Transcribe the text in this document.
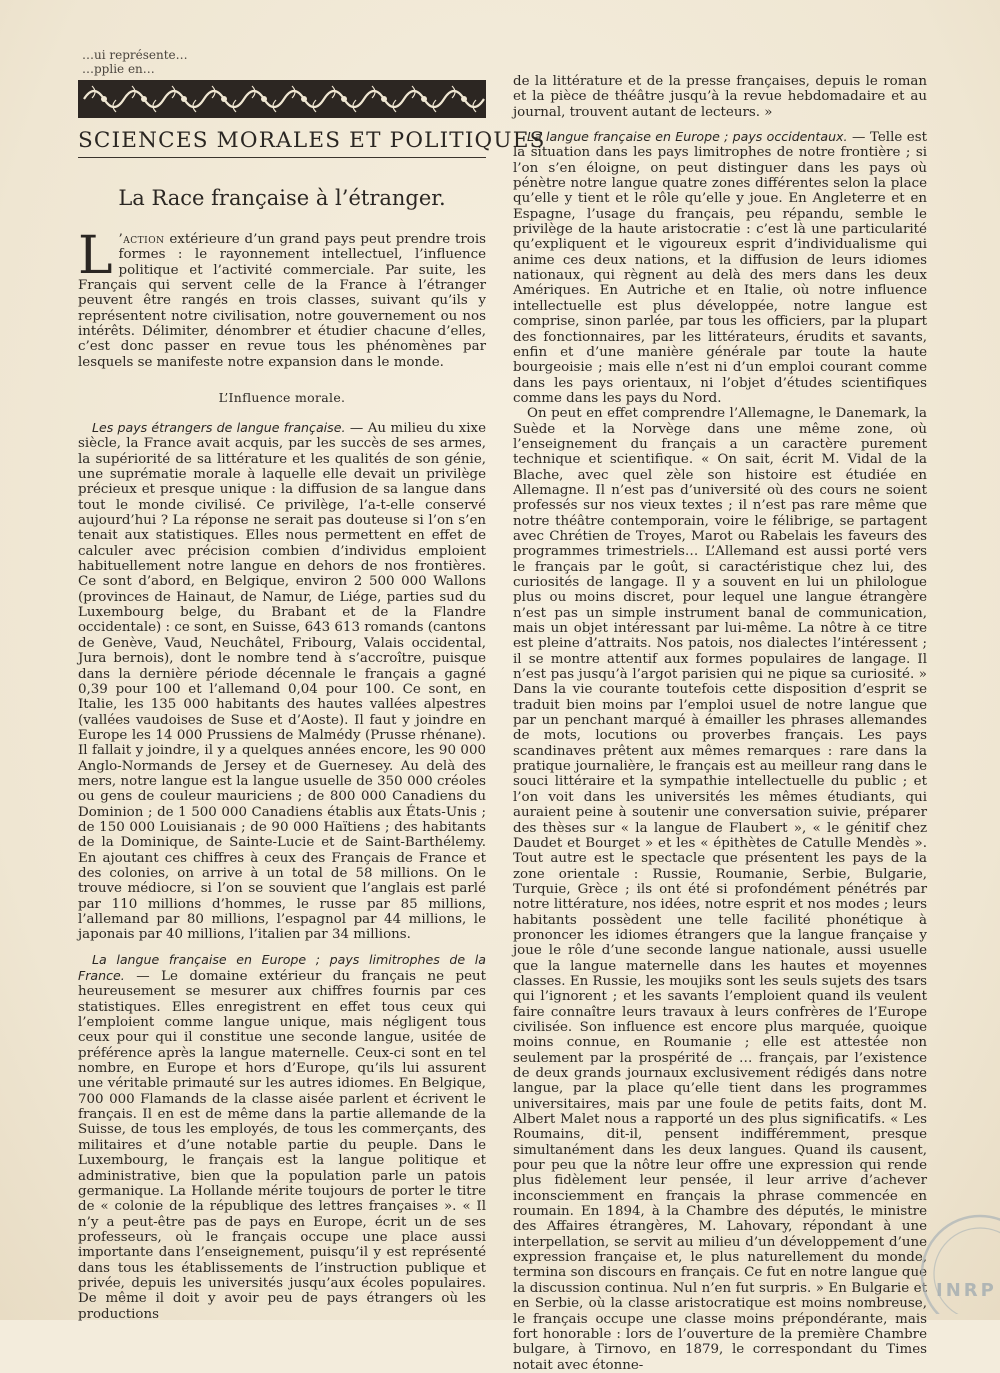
…ui représente…
…pplie en…
SCIENCES MORALES ET POLITIQUES
La Race française à l’étranger.
L ’action extérieure d’un grand pays peut prendre trois formes : le rayonnement intellectuel, l’influence politique et l’activité commerciale. Par suite, les Français qui servent celle de la France à l’étranger peuvent être rangés en trois classes, suivant qu’ils y représentent notre civilisation, notre gouvernement ou nos intérêts. Délimiter, dénombrer et étudier chacune d’elles, c’est donc passer en revue tous les phénomènes par lesquels se manifeste notre expansion dans le monde.
L’Influence morale.

Les pays étrangers de langue française. — Au milieu du xixe siècle, la France avait acquis, par les succès de ses armes, la supériorité de sa littérature et les qualités de son génie, une suprématie morale à laquelle elle devait un privilège précieux et presque unique : la diffusion de sa langue dans tout le monde civilisé. Ce privilège, l’a-t-elle conservé aujourd’hui ? La réponse ne serait pas douteuse si l’on s’en tenait aux statistiques. Elles nous permettent en effet de calculer avec précision combien d’individus emploient habituellement notre langue en dehors de nos frontières. Ce sont d’abord, en Belgique, environ 2 500 000 Wallons (provinces de Hainaut, de Namur, de Liége, parties sud du Luxembourg belge, du Brabant et de la Flandre occidentale) : ce sont, en Suisse, 643 613 romands (cantons de Genève, Vaud, Neuchâtel, Fribourg, Valais occidental, Jura bernois), dont le nombre tend à s’accroître, puisque dans la dernière période décennale le français a gagné 0,39 pour 100 et l’allemand 0,04 pour 100. Ce sont, en Italie, les 135 000 habitants des hautes vallées alpestres (vallées vaudoises de Suse et d’Aoste). Il faut y joindre en Europe les 14 000 Prussiens de Malmédy (Prusse rhénane). Il fallait y joindre, il y a quelques années encore, les 90 000 Anglo-Normands de Jersey et de Guernesey. Au delà des mers, notre langue est la langue usuelle de 350 000 créoles ou gens de couleur mauriciens ; de 800 000 Canadiens du Dominion ; de 1 500 000 Canadiens établis aux États-Unis ; de 150 000 Louisianais ; de 90 000 Haïtiens ; des habitants de la Dominique, de Sainte-Lucie et de Saint-Barthélemy. En ajoutant ces chiffres à ceux des Français de France et des colonies, on arrive à un total de 58 millions. On le trouve médiocre, si l’on se souvient que l’anglais est parlé par 110 millions d’hommes, le russe par 85 millions, l’allemand par 80 millions, l’espagnol par 44 millions, le japonais par 40 millions, l’italien par 34 millions.

La langue française en Europe ; pays limitrophes de la France. — Le domaine extérieur du français ne peut heureusement se mesurer aux chiffres fournis par ces statistiques. Elles enregistrent en effet tous ceux qui l’emploient comme langue unique, mais négligent tous ceux pour qui il constitue une seconde langue, usitée de préférence après la langue maternelle. Ceux-ci sont en tel nombre, en Europe et hors d’Europe, qu’ils lui assurent une véritable primauté sur les autres idiomes. En Belgique, 700 000 Flamands de la classe aisée parlent et écrivent le français. Il en est de même dans la partie allemande de la Suisse, de tous les employés, de tous les commerçants, des militaires et d’une notable partie du peuple. Dans le Luxembourg, le français est la langue politique et administrative, bien que la population parle un patois germanique. La Hollande mérite toujours de porter le titre de « colonie de la république des lettres françaises ». « Il n’y a peut-être pas de pays en Europe, écrit un de ses professeurs, où le français occupe une place aussi importante dans l’enseignement, puisqu’il y est représenté dans tous les établissements de l’instruction publique et privée, depuis les universités jusqu’aux écoles populaires. De même il doit y avoir peu de pays étrangers où les productions

de la littérature et de la presse françaises, depuis le roman et la pièce de théâtre jusqu’à la revue hebdomadaire et au journal, trouvent autant de lecteurs. »

La langue française en Europe ; pays occidentaux. — Telle est la situation dans les pays limitrophes de notre frontière ; si l’on s’en éloigne, on peut distinguer dans les pays où pénètre notre langue quatre zones différentes selon la place qu’elle y tient et le rôle qu’elle y joue. En Angleterre et en Espagne, l’usage du français, peu répandu, semble le privilège de la haute aristocratie : c’est là une particularité qu’expliquent et le vigoureux esprit d’individualisme qui anime ces deux nations, et la diffusion de leurs idiomes nationaux, qui règnent au delà des mers dans les deux Amériques. En Autriche et en Italie, où notre influence intellectuelle est plus développée, notre langue est comprise, sinon parlée, par tous les officiers, par la plupart des fonctionnaires, par les littérateurs, érudits et savants, enfin et d’une manière générale par toute la haute bourgeoisie ; mais elle n’est ni d’un emploi courant comme dans les pays orientaux, ni l’objet d’études scientifiques comme dans les pays du Nord.

On peut en effet comprendre l’Allemagne, le Danemark, la Suède et la Norvège dans une même zone, où l’enseignement du français a un caractère purement technique et scientifique. « On sait, écrit M. Vidal de la Blache, avec quel zèle son histoire est étudiée en Allemagne. Il n’est pas d’université où des cours ne soient professés sur nos vieux textes ; il n’est pas rare même que notre théâtre contemporain, voire le félibrige, se partagent avec Chrétien de Troyes, Marot ou Rabelais les faveurs des programmes trimestriels… L’Allemand est aussi porté vers le français par le goût, si caractéristique chez lui, des curiosités de langage. Il y a souvent en lui un philologue plus ou moins discret, pour lequel une langue étrangère n’est pas un simple instrument banal de communication, mais un objet intéressant par lui-même. La nôtre à ce titre est pleine d’attraits. Nos patois, nos dialectes l’intéressent ; il se montre attentif aux formes populaires de langage. Il n’est pas jusqu’à l’argot parisien qui ne pique sa curiosité. » Dans la vie courante toutefois cette disposition d’esprit se traduit bien moins par l’emploi usuel de notre langue que par un penchant marqué à émailler les phrases allemandes de mots, locutions ou proverbes français. Les pays scandinaves prêtent aux mêmes remarques : rare dans la pratique journalière, le français est au meilleur rang dans le souci littéraire et la sympathie intellectuelle du public ; et l’on voit dans les universités les mêmes étudiants, qui auraient peine à soutenir une conversation suivie, préparer des thèses sur « la langue de Flaubert », « le génitif chez Daudet et Bourget » et les « épithètes de Catulle Mendès ». Tout autre est le spectacle que présentent les pays de la zone orientale : Russie, Roumanie, Serbie, Bulgarie, Turquie, Grèce ; ils ont été si profondément pénétrés par notre littérature, nos idées, notre esprit et nos modes ; leurs habitants possèdent une telle facilité phonétique à prononcer les idiomes étrangers que la langue française y joue le rôle d’une seconde langue nationale, aussi usuelle que la langue maternelle dans les hautes et moyennes classes. En Russie, les moujiks sont les seuls sujets des tsars qui l’ignorent ; et les savants l’emploient quand ils veulent faire connaître leurs travaux à leurs confrères de l’Europe civilisée. Son influence est encore plus marquée, quoique moins connue, en Roumanie ; elle est attestée non seulement par la prospérité de … français, par l’existence de deux grands journaux exclusivement rédigés dans notre langue, par la place qu’elle tient dans les programmes universitaires, mais par une foule de petits faits, dont M. Albert Malet nous a rapporté un des plus significatifs. « Les Roumains, dit-il, pensent indifféremment, presque simultanément dans les deux langues. Quand ils causent, pour peu que la nôtre leur offre une expression qui rende plus fidèlement leur pensée, il leur arrive d’achever inconsciemment en français la phrase commencée en roumain. En 1894, à la Chambre des députés, le ministre des Affaires étrangères, M. Lahovary, répondant à une interpellation, se servit au milieu d’un développement d’une expression française et, le plus naturellement du monde, termina son discours en français. Ce fut en notre langue que la discussion continua. Nul n’en fut surpris. » En Bulgarie et en Serbie, où la classe aristocratique est moins nombreuse, le français occupe une classe moins prépondérante, mais fort honorable : lors de l’ouverture de la première Chambre bulgare, à Tirnovo, en 1879, le correspondant du Times notait avec étonne-

INRP
